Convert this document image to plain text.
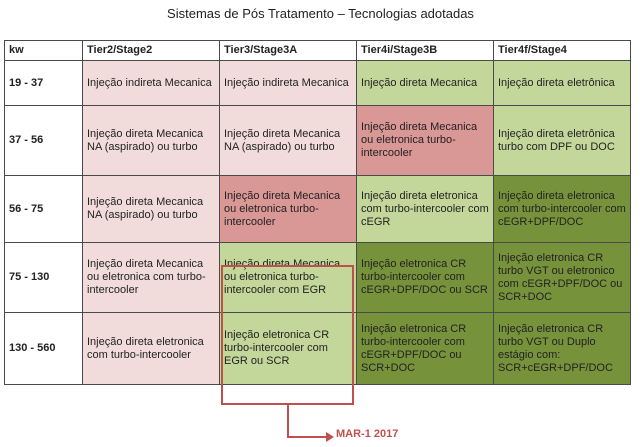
Sistemas de Pós Tratamento – Tecnologias adotadas
kw	Tier2/Stage2	Tier3/Stage3A	Tier4i/Stage3B	Tier4f/Stage4
19 - 37	Injeção indireta Mecanica	Injeção indireta Mecanica	Injeção direta Mecanica	Injeção direta eletrônica
37 - 56	Injeção direta Mecanica NA (aspirado) ou turbo	Injeção direta Mecanica NA (aspirado) ou turbo	Injeção direta Mecanica ou eletronica turbo-intercooler	Injeção direta eletrônica turbo com DPF ou DOC
56 - 75	Injeção direta Mecanica NA (aspirado) ou turbo	Injeção direta Mecanica ou eletronica turbo-intercooler	Injeção direta eletronica com turbo-intercooler com cEGR	Injeção direta eletronica com turbo-intercooler com cEGR+DPF/DOC
75 - 130	Injeção direta Mecanica ou eletronica com turbo-intercooler	Injeção direta Mecanica ou eletronica turbo-intercooler com EGR	Injeção eletronica CR turbo-intercooler com cEGR+DPF/DOC ou SCR	Injeção eletronica CR turbo VGT ou eletronico com cEGR+DPF/DOC ou SCR+DOC
130 - 560	Injeção direta eletronica com turbo-intercooler	Injeção eletronica CR turbo-intercooler com EGR ou SCR	Injeção eletronica CR turbo-intercooler com cEGR+DPF/DOC ou SCR+DOC	Injeção eletronica CR turbo VGT ou Duplo estágio com: SCR+cEGR+DPF/DOC
MAR-1 2017
